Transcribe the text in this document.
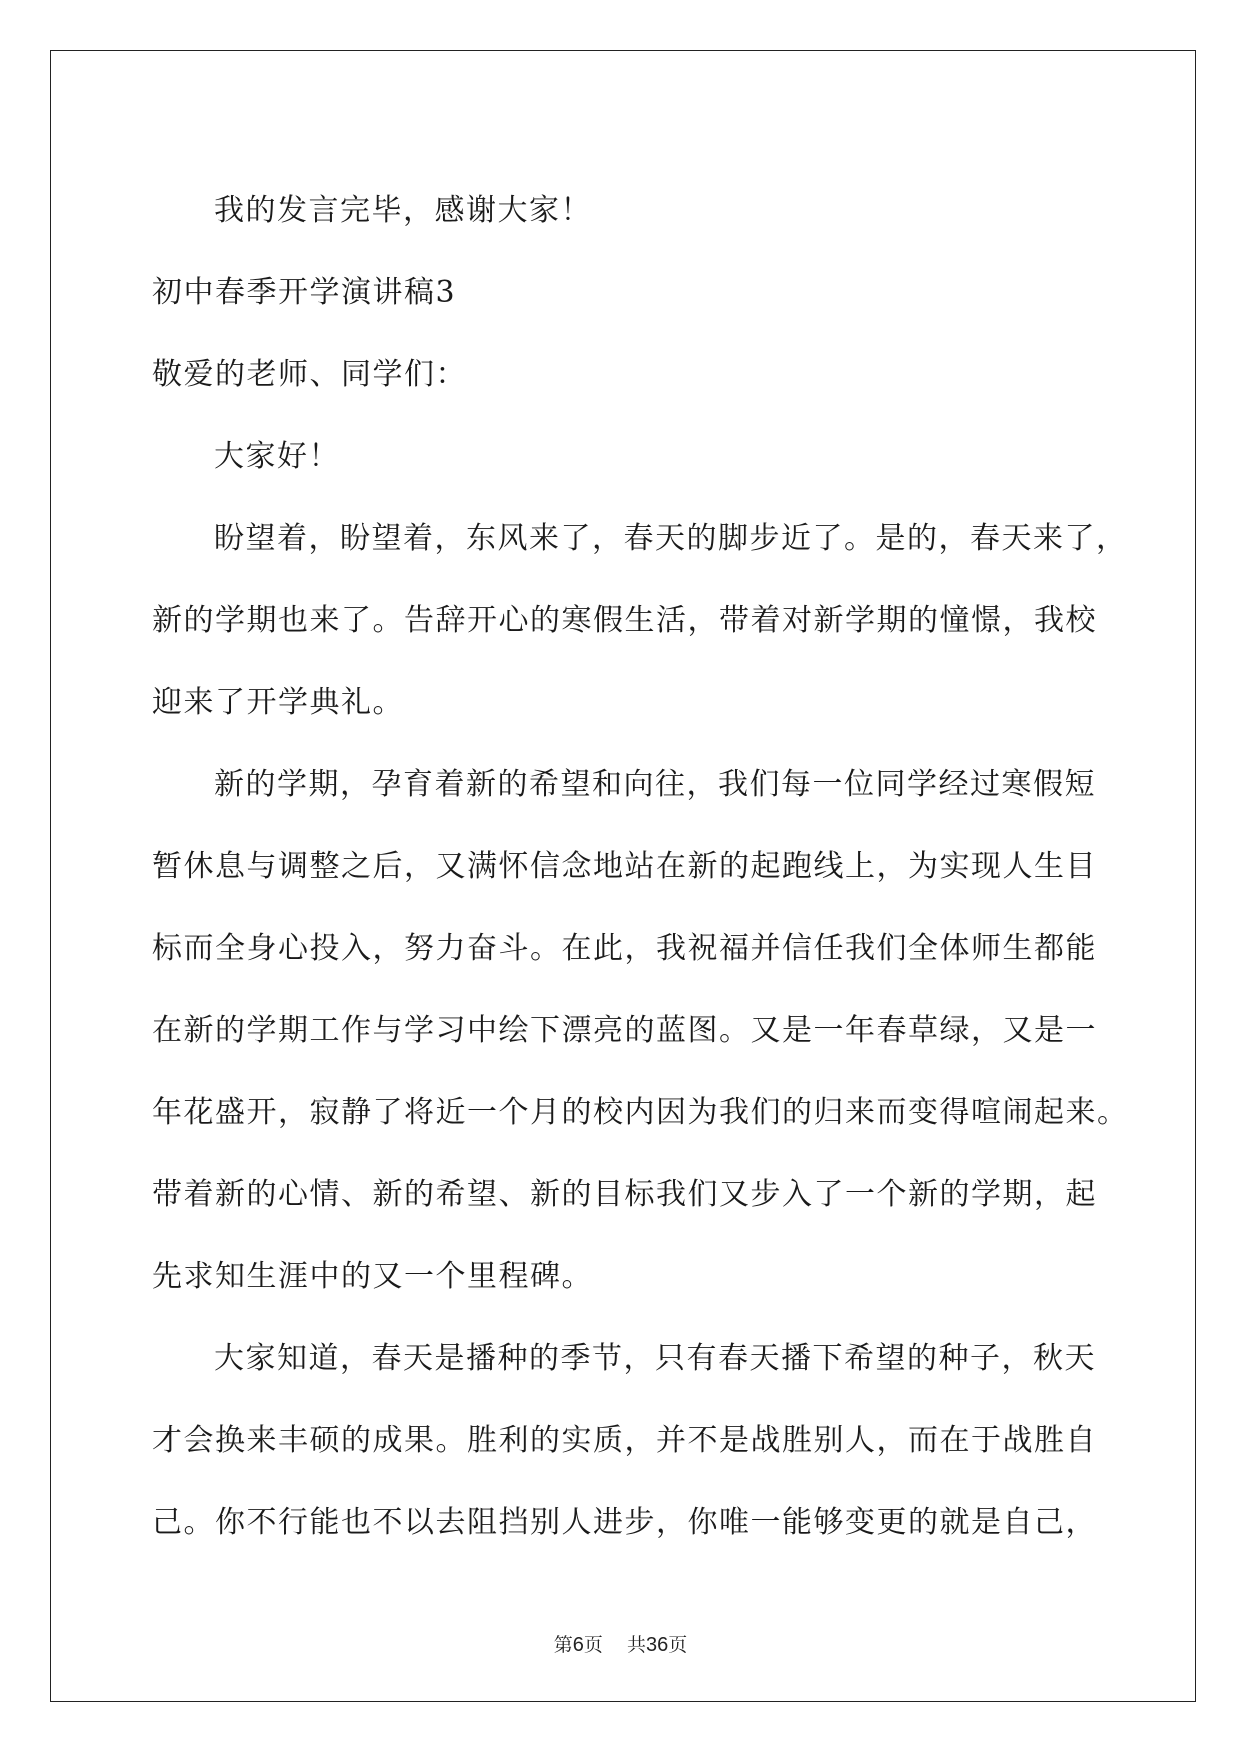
我的发言完毕，感谢大家！
初中春季开学演讲稿3
敬爱的老师、同学们：
大家好！
盼望着，盼望着，东风来了，春天的脚步近了。是的，春天来了，
新的学期也来了。告辞开心的寒假生活，带着对新学期的憧憬，我校
迎来了开学典礼。
新的学期，孕育着新的希望和向往，我们每一位同学经过寒假短
暂休息与调整之后，又满怀信念地站在新的起跑线上，为实现人生目
标而全身心投入，努力奋斗。在此，我祝福并信任我们全体师生都能
在新的学期工作与学习中绘下漂亮的蓝图。又是一年春草绿，又是一
年花盛开，寂静了将近一个月的校内因为我们的归来而变得喧闹起来。
带着新的心情、新的希望、新的目标我们又步入了一个新的学期，起
先求知生涯中的又一个里程碑。
大家知道，春天是播种的季节，只有春天播下希望的种子，秋天
才会换来丰硕的成果。胜利的实质，并不是战胜别人，而在于战胜自
己。你不行能也不以去阻挡别人进步，你唯一能够变更的就是自己，
第6页 共36页
